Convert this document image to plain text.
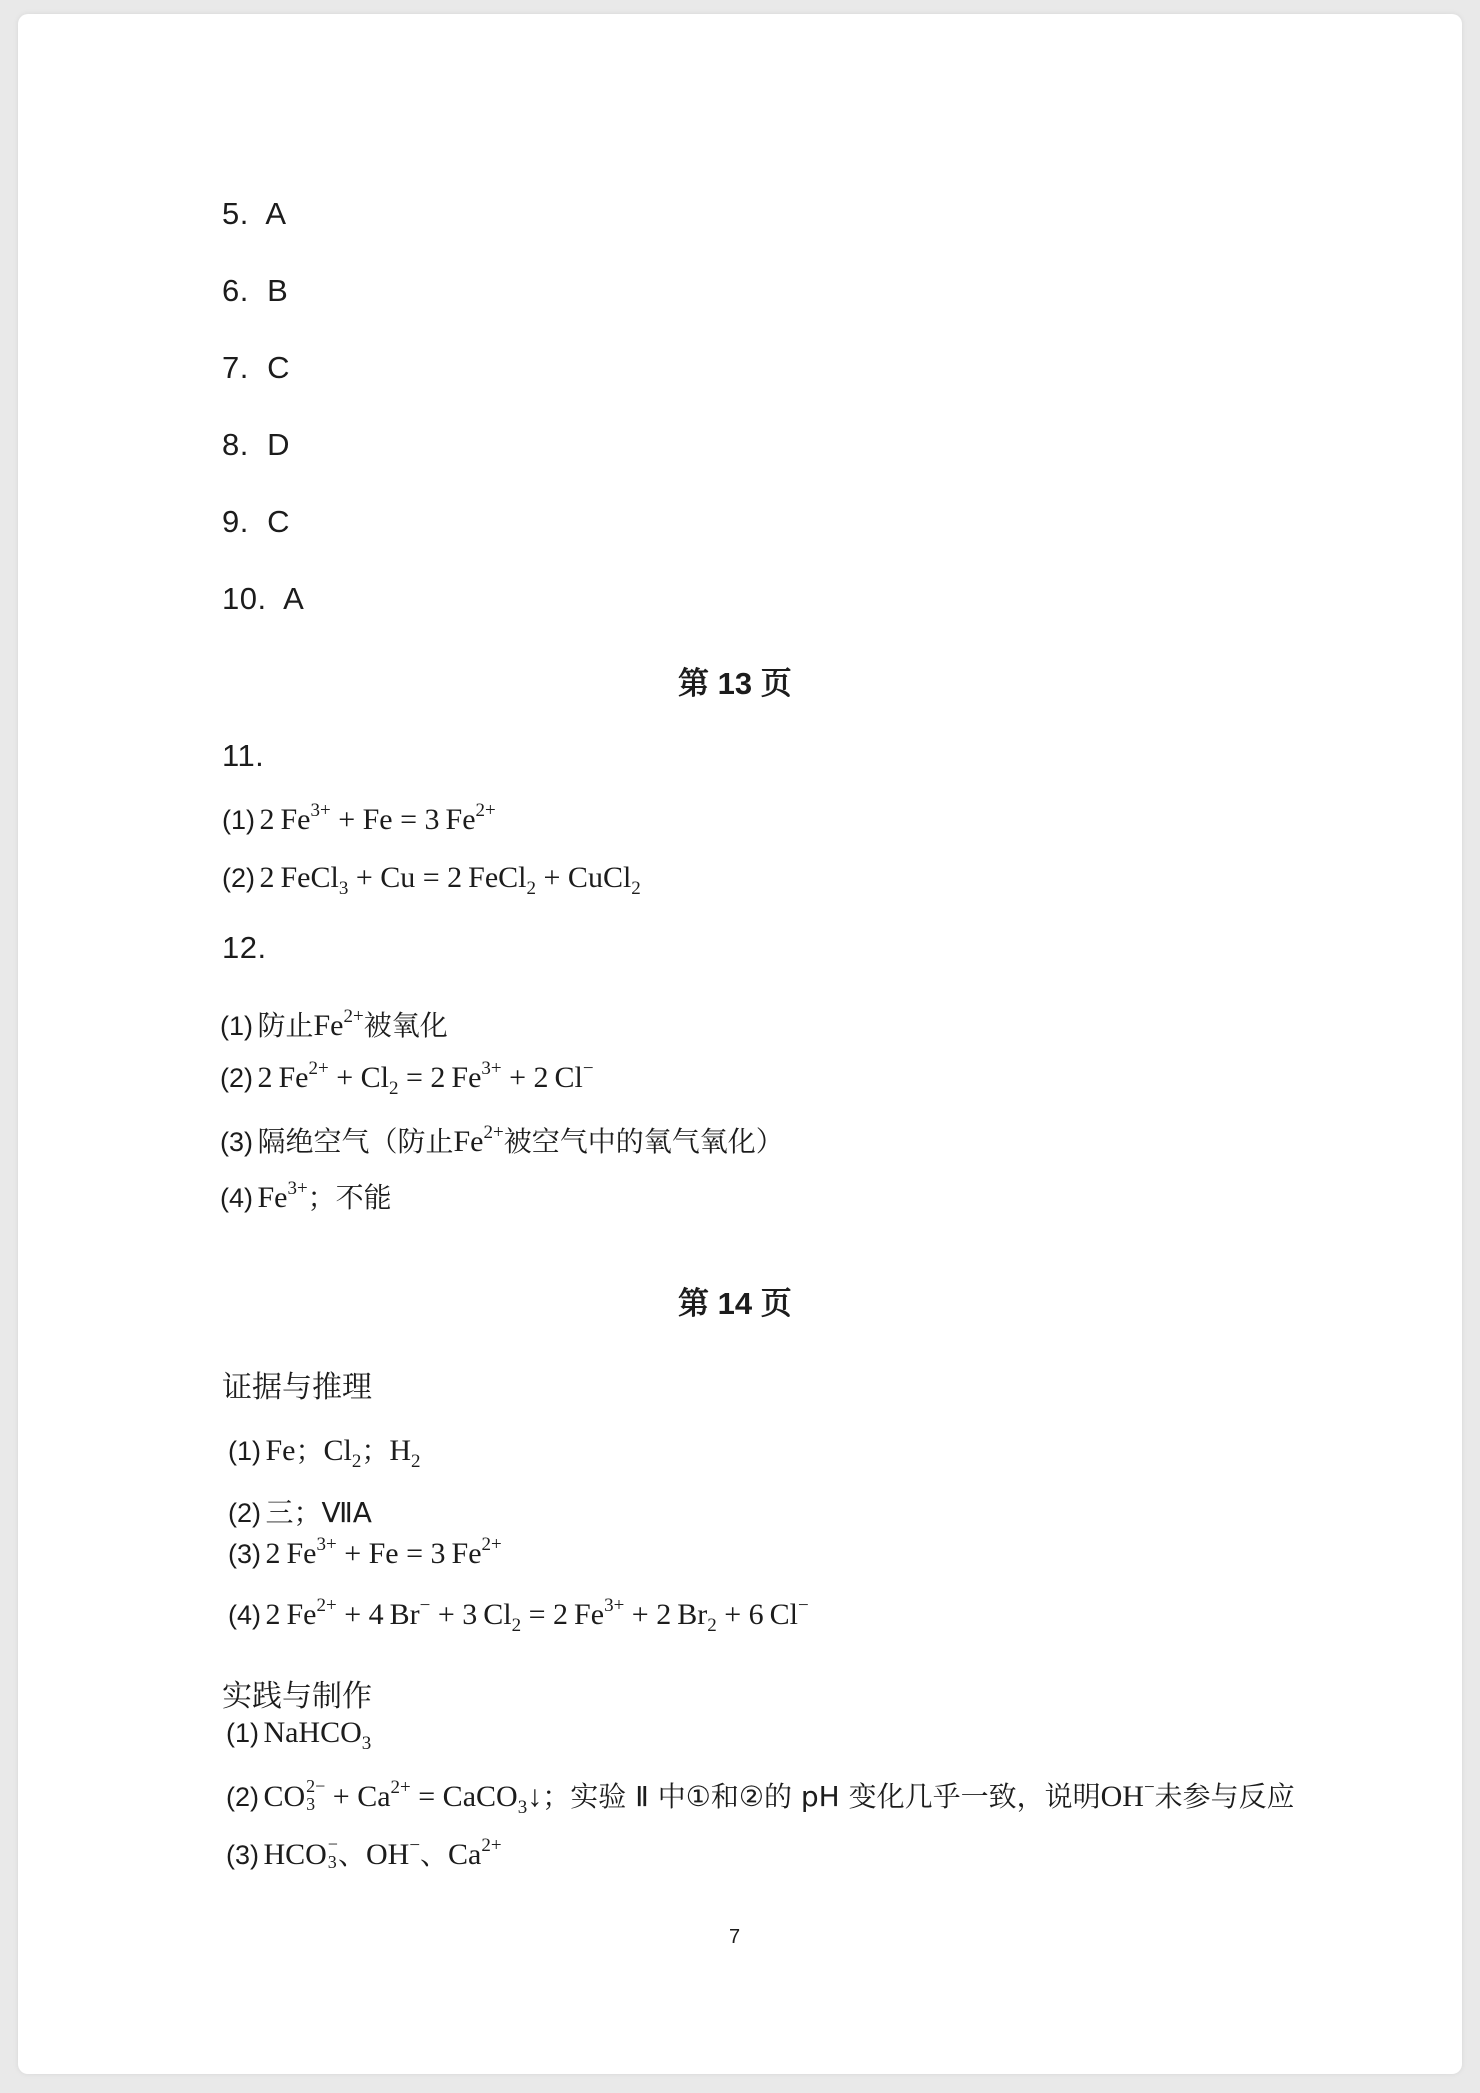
5. A
6. B
7. C
8. D
9. C
10. A
第 13 页
11.
(1) 2 $Fe^{3+} + Fe = 3$ $Fe^{2+}$
(2) 2 FeCl$_3$ + Cu = 2 FeCl$_2$ + CuCl$_2$
12.
(1) 防止$Fe^{2+}$被氧化
(2) 2 $Fe^{2+} + Cl_2 = 2$ $Fe^{3+} + 2$ Cl−
(3) 隔绝空气（防止$Fe^{2+}$被空气中的氧气氧化）
(4) $Fe^{3+}$；不能
第 14 页
证据与推理
(1) Fe；$Cl_2$；$H_2$
(2) 三；ⅦA
(3) 2 $Fe^{3+} + Fe = 3$ $Fe^{2+}$
(4) 2 $Fe^{2+} + 4$ Br− + 3 $Cl_2 = 2$ $Fe^{3+} + 2$ $Br_2 + 6$ Cl−
实践与制作
(1) NaHCO$_3$
(2) CO 2−
$3 + Ca^{2+}$ = CaCO$_3$↓；实验 Ⅱ 中①和②的 pH 变化几乎一致，说明OH−未参与反应
(3) HCO −
3 、OH−、$Ca^{2+}$
7
